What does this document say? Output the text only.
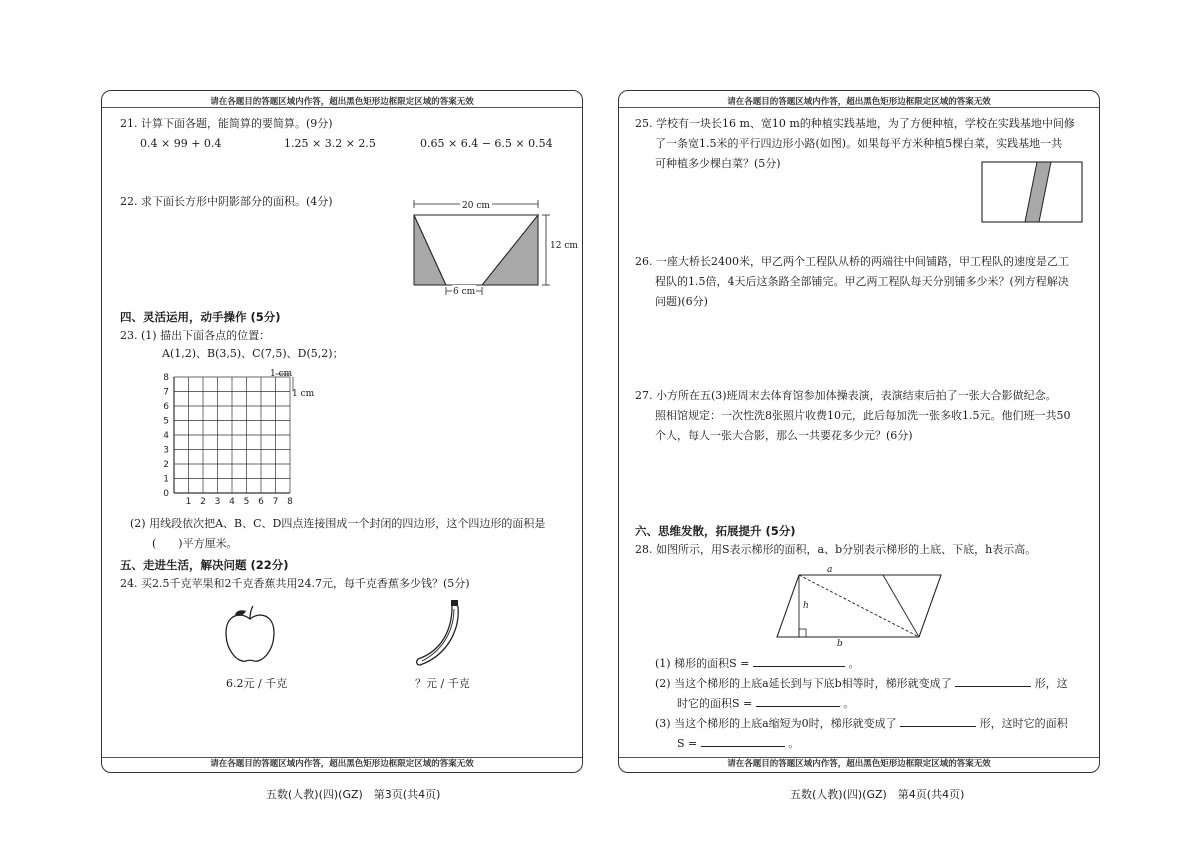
请在各题目的答题区域内作答，超出黑色矩形边框限定区域的答案无效
21. 计算下面各题，能简算的要简算。(9分)
0.4 × 99 + 0.4	1.25 × 3.2 × 2.5	0.65 × 6.4 − 6.5 × 0.54
22. 求下面长方形中阴影部分的面积。(4分)	20 cm
12 cm
6 cm
四、灵活运用，动手操作 (5分)
23. (1) 描出下面各点的位置：
A(1,2)、B(3,5)、C(7,5)、D(5,2)；
8
7
6
5
4
3
2
1
0
1 2 3 4 5 6 7 8
1 cm
1 cm
(2) 用线段依次把A、B、C、D四点连接围成一个封闭的四边形，这个四边形的面积是
(　　)平方厘米。
五、走进生活，解决问题 (22分)
24. 买2.5千克苹果和2千克香蕉共用24.7元，每千克香蕉多少钱？(5分)
6.2元 / 千克	？元 / 千克
请在各题目的答题区域内作答，超出黑色矩形边框限定区域的答案无效
五数(人教)(四)(GZ)　第3页(共4页)
请在各题目的答题区域内作答，超出黑色矩形边框限定区域的答案无效
25. 学校有一块长16 m、宽10 m的种植实践基地，为了方便种植，学校在实践基地中间修
了一条宽1.5米的平行四边形小路(如图)。如果每平方米种植5棵白菜，实践基地一共
可种植多少棵白菜？(5分)
26. 一座大桥长2400米，甲乙两个工程队从桥的两端往中间铺路，甲工程队的速度是乙工
程队的1.5倍，4天后这条路全部铺完。甲乙两工程队每天分别铺多少米？(列方程解决
问题)(6分)
27. 小方所在五(3)班周末去体育馆参加体操表演，表演结束后拍了一张大合影做纪念。
照相馆规定：一次性洗8张照片收费10元，此后每加洗一张多收1.5元。他们班一共50
个人，每人一张大合影，那么一共要花多少元？(6分)
六、思维发散，拓展提升 (5分)
28. 如图所示，用S表示梯形的面积，a、b分别表示梯形的上底、下底，h表示高。
a
b
h
(1) 梯形的面积S =	。
(2) 当这个梯形的上底a延长到与下底b相等时，梯形就变成了	形，这
时它的面积S =	。
(3) 当这个梯形的上底a缩短为0时，梯形就变成了	形，这时它的面积
S =	。
请在各题目的答题区域内作答，超出黑色矩形边框限定区域的答案无效
五数(人教)(四)(GZ)　第4页(共4页)
